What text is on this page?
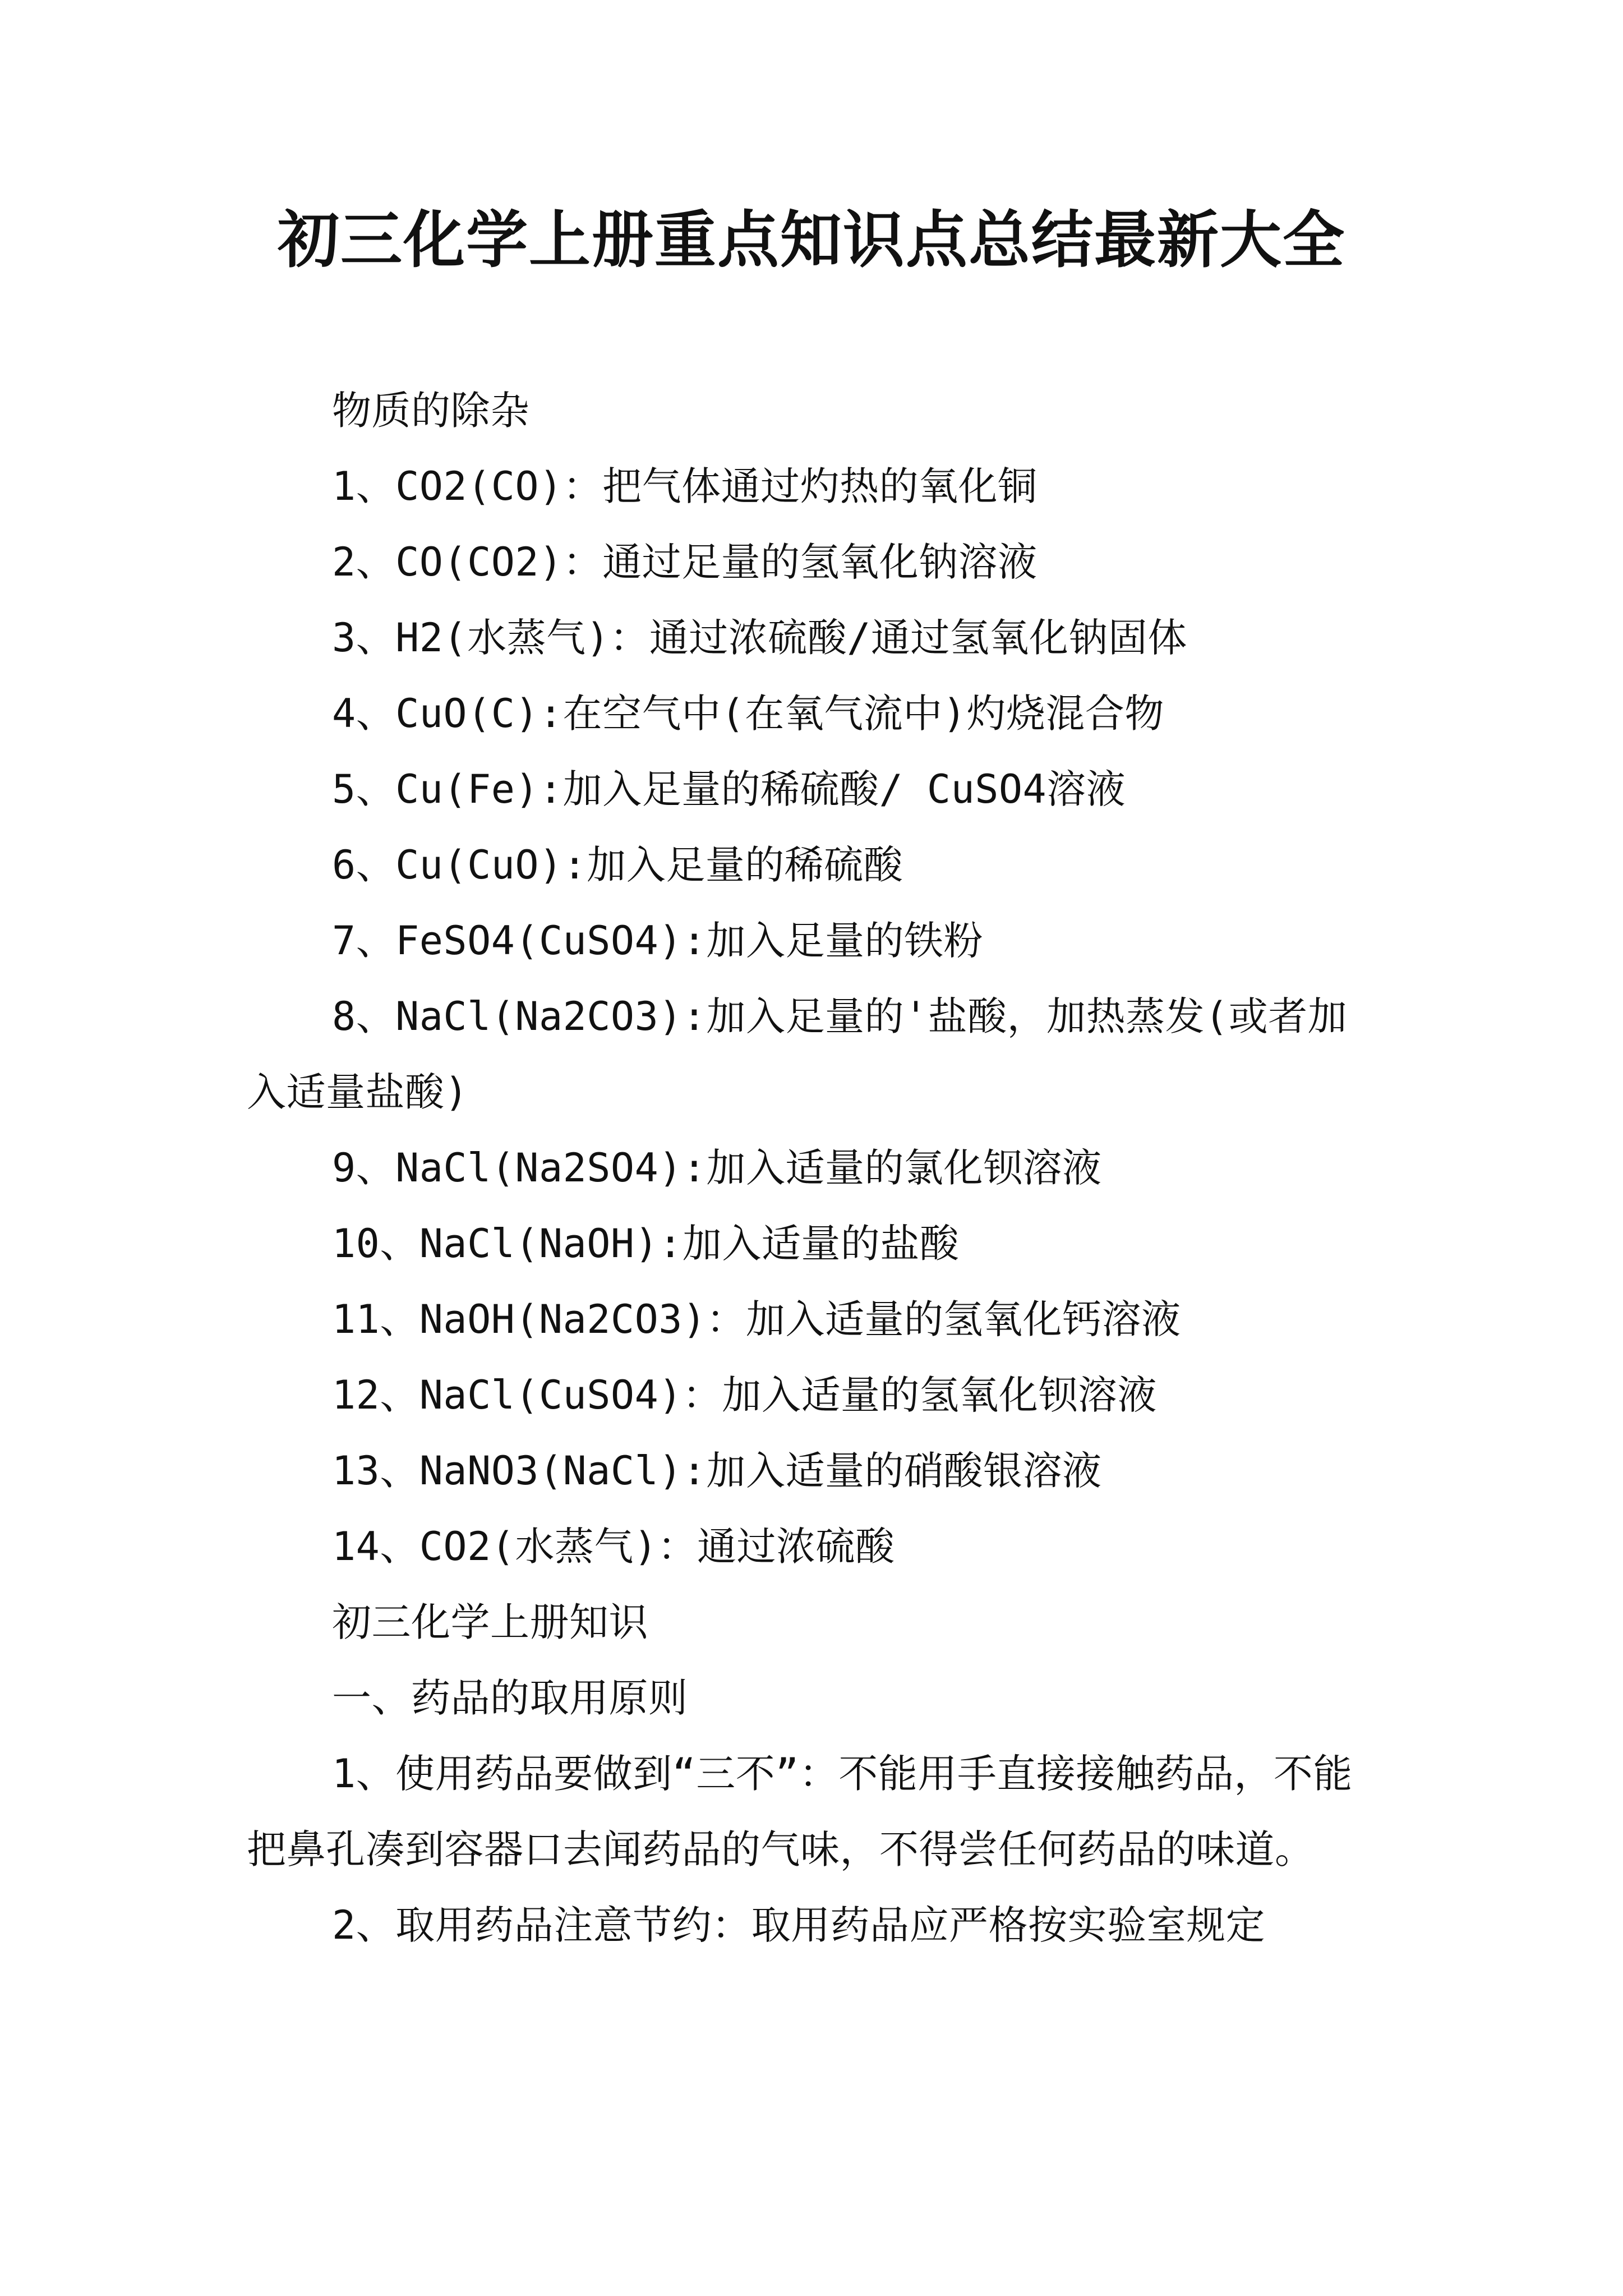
初三化学上册重点知识点总结最新大全

物质的除杂

1、CO2(CO)：把气体通过灼热的氧化铜

2、CO(CO2)：通过足量的氢氧化钠溶液

3、H2(水蒸气)：通过浓硫酸/通过氢氧化钠固体

4、CuO(C):在空气中(在氧气流中)灼烧混合物

5、Cu(Fe):加入足量的稀硫酸/ CuSO4溶液

6、Cu(CuO):加入足量的稀硫酸

7、FeSO4(CuSO4):加入足量的铁粉

8、NaCl(Na2CO3):加入足量的'盐酸，加热蒸发(或者加入适量盐酸)

9、NaCl(Na2SO4):加入适量的氯化钡溶液

10、NaCl(NaOH):加入适量的盐酸

11、NaOH(Na2CO3)：加入适量的氢氧化钙溶液

12、NaCl(CuSO4)：加入适量的氢氧化钡溶液

13、NaNO3(NaCl):加入适量的硝酸银溶液

14、CO2(水蒸气)：通过浓硫酸

初三化学上册知识

一、药品的取用原则

1、使用药品要做到“三不”：不能用手直接接触药品，不能把鼻孔凑到容器口去闻药品的气味，不得尝任何药品的味道。

2、取用药品注意节约：取用药品应严格按实验室规定
